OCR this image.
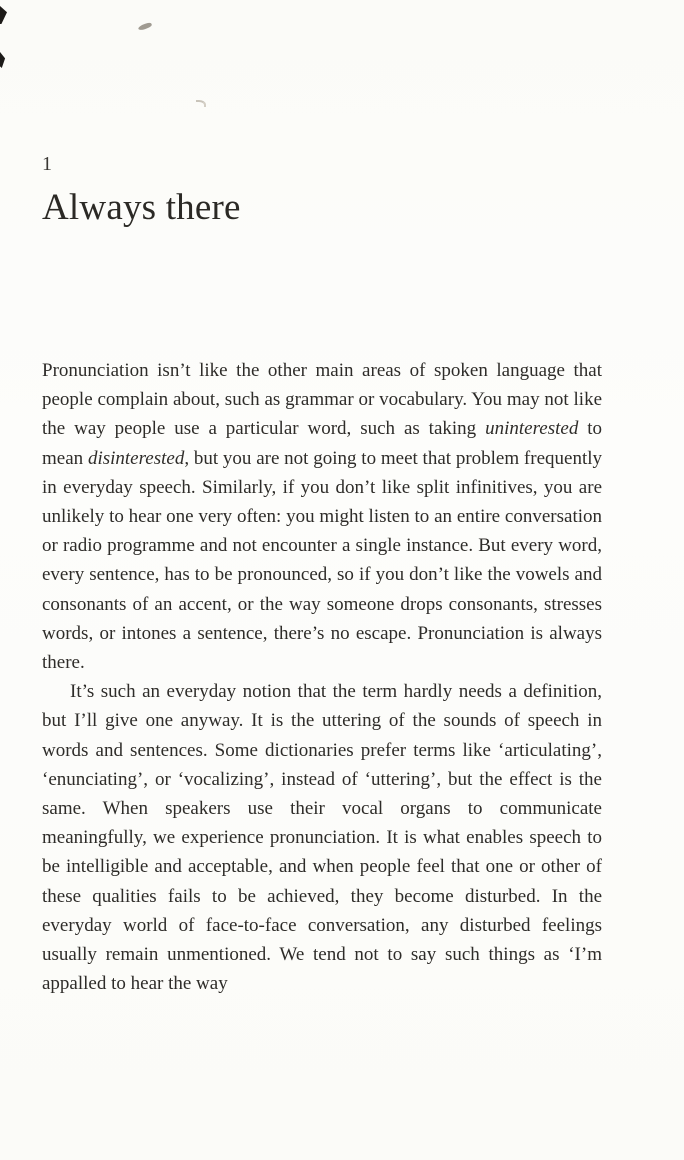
1

Always there

Pronunciation isn’t like the other main areas of spoken language that people complain about, such as grammar or vocabulary. You may not like the way people use a particular word, such as taking uninterested to mean disinterested, but you are not going to meet that problem frequently in everyday speech. Similarly, if you don’t like split infinitives, you are unlikely to hear one very often: you might listen to an entire conversation or radio programme and not encounter a single instance. But every word, every sentence, has to be pronounced, so if you don’t like the vowels and consonants of an accent, or the way someone drops consonants, stresses words, or intones a sentence, there’s no escape. Pronunciation is always there.

It’s such an everyday notion that the term hardly needs a definition, but I’ll give one anyway. It is the uttering of the sounds of speech in words and sentences. Some dictionaries prefer terms like ‘articulating’, ‘enunciating’, or ‘vocalizing’, instead of ‘uttering’, but the effect is the same. When speakers use their vocal organs to communicate meaningfully, we experience pronunciation. It is what enables speech to be intelligible and acceptable, and when people feel that one or other of these qualities fails to be achieved, they become disturbed. In the everyday world of face-to-face conversation, any disturbed feelings usually remain unmentioned. We tend not to say such things as ‘I’m appalled to hear the way
